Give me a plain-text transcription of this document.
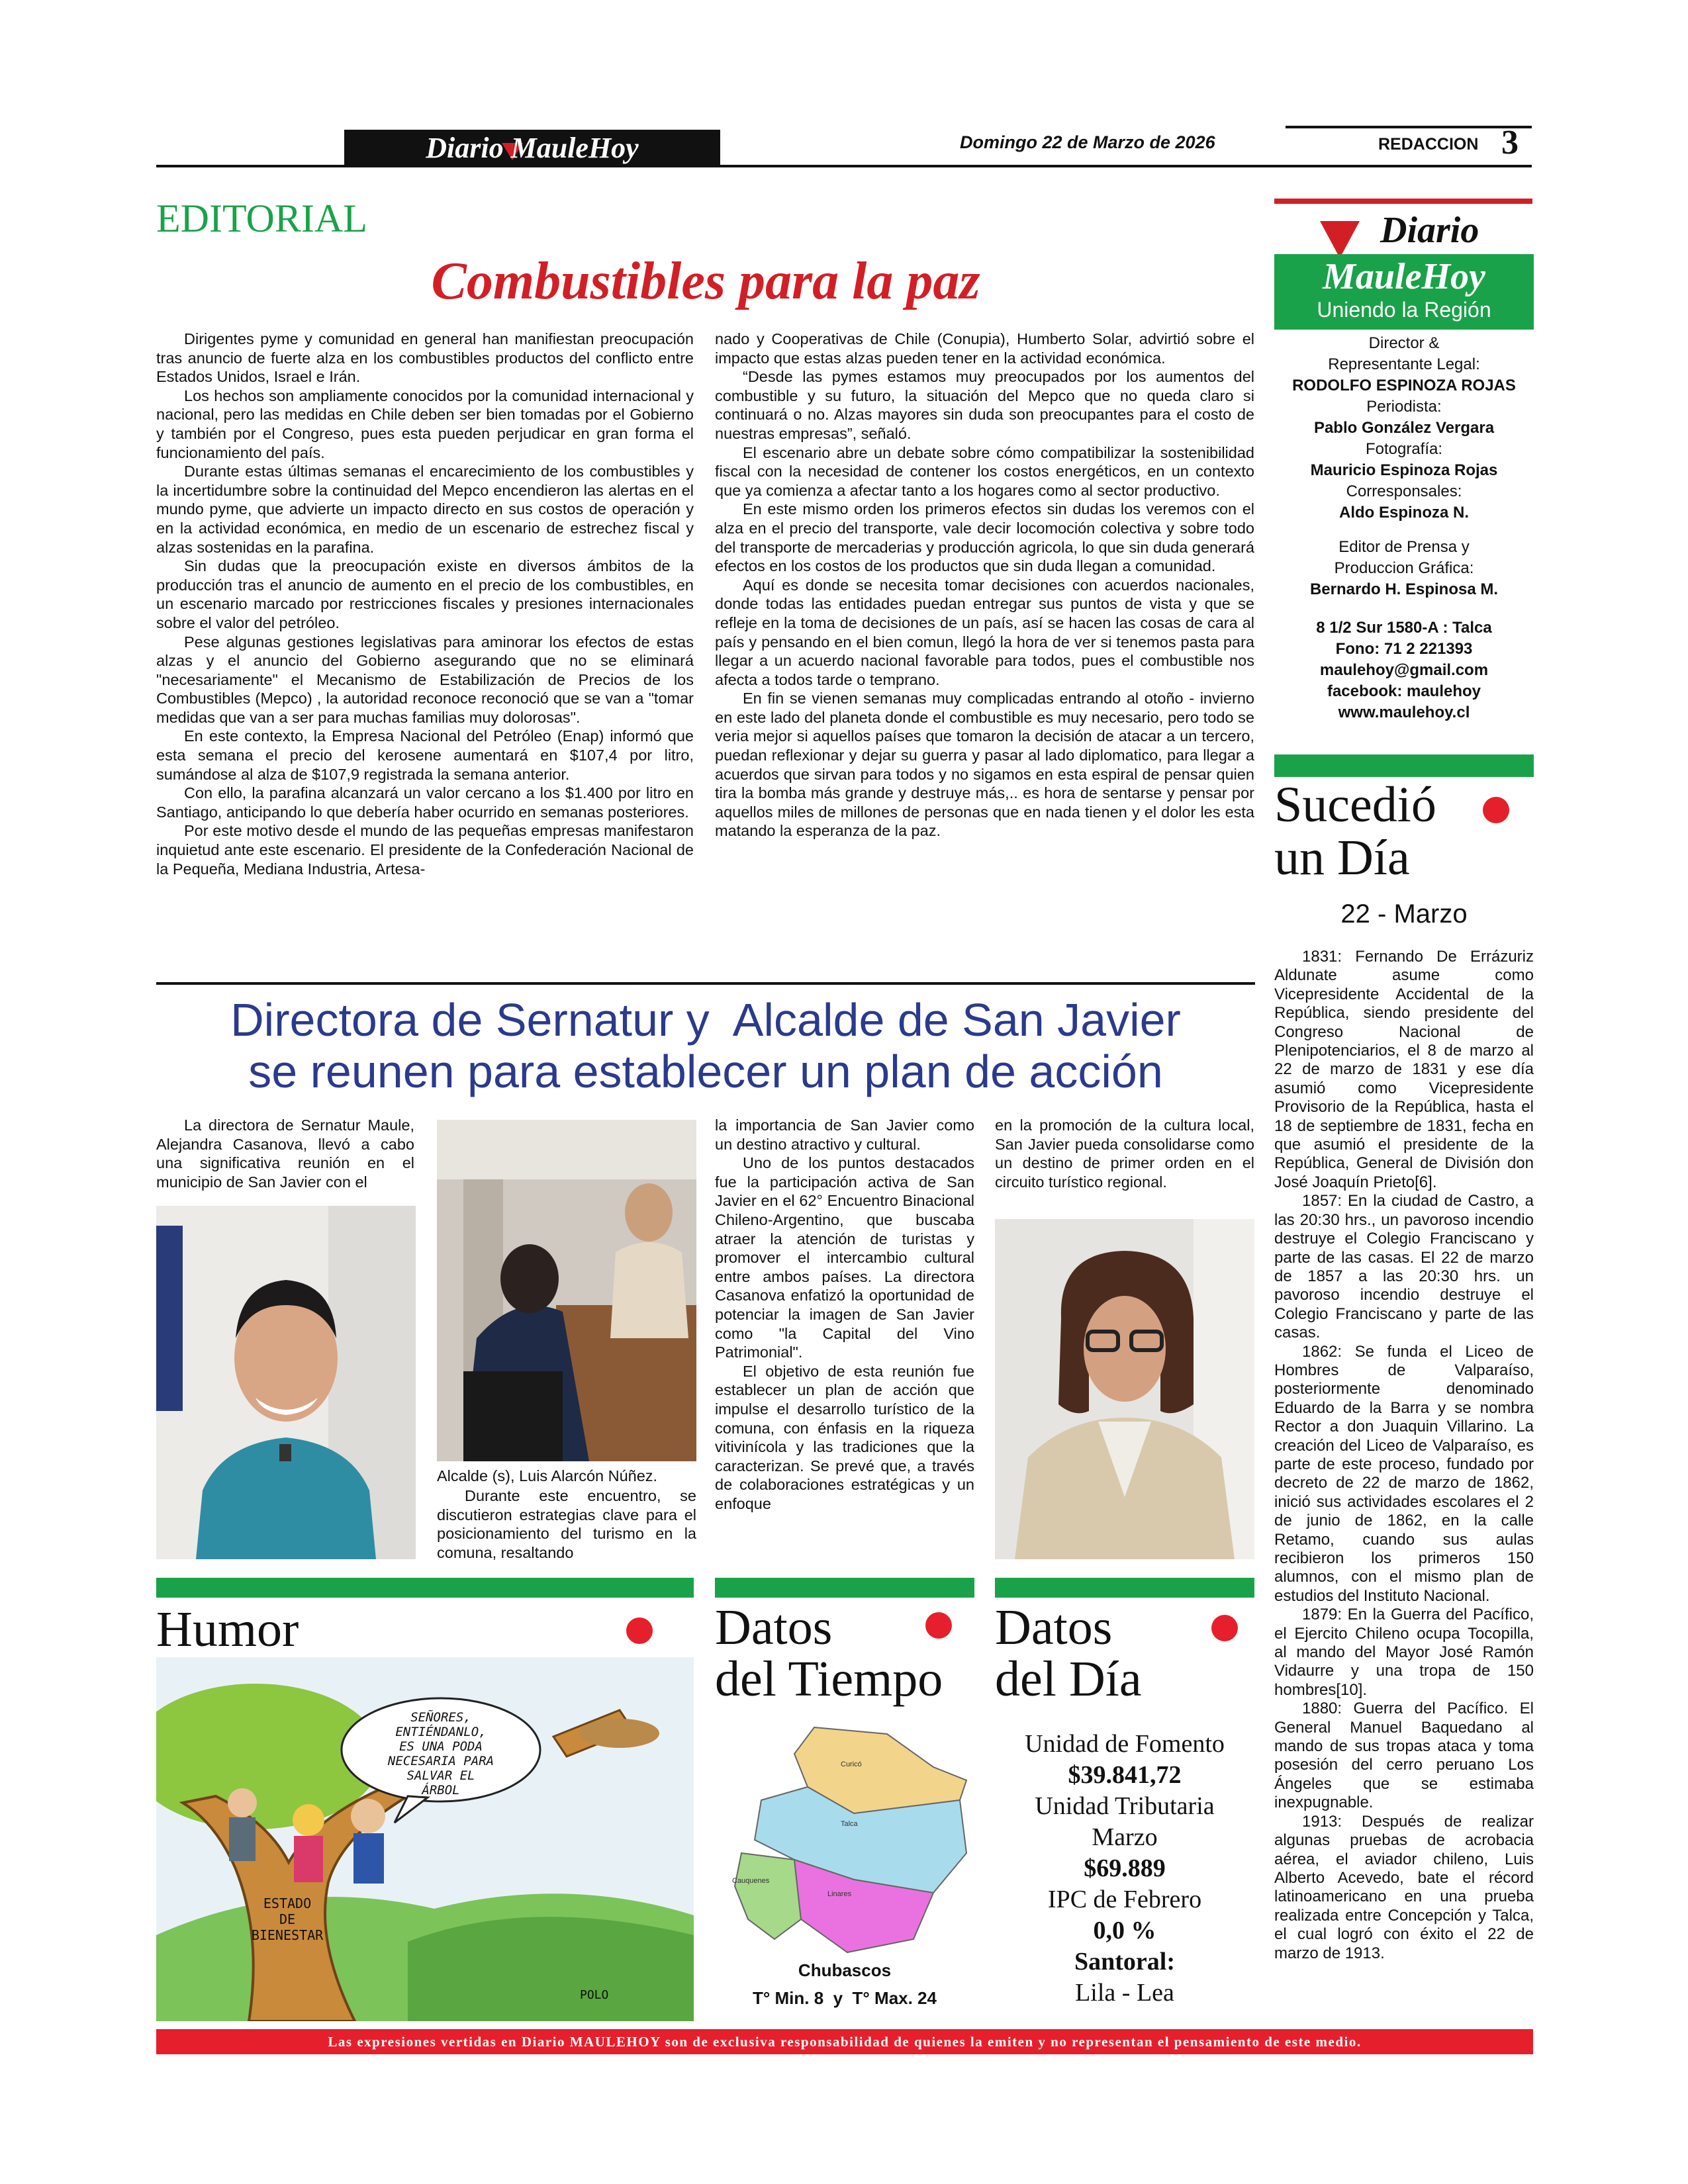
Diario MauleHoy	Domingo 22 de Marzo de 2026	REDACCION 3
EDITORIAL
Combustibles para la paz

Dirigentes pyme y comunidad en general han manifiestan preocupación tras anuncio de fuerte alza en los combustibles productos del conflicto entre Estados Unidos, Israel e Irán.

Los hechos son ampliamente conocidos por la comunidad internacional y nacional, pero las medidas en Chile deben ser bien tomadas por el Gobierno y también por el Congreso, pues esta pueden perjudicar en gran forma el funcionamiento del país.

Durante estas últimas semanas el encarecimiento de los combustibles y la incertidumbre sobre la continuidad del Mepco encendieron las alertas en el mundo pyme, que advierte un impacto directo en sus costos de operación y en la actividad económica, en medio de un escenario de estrechez fiscal y alzas sostenidas en la parafina.

Sin dudas que la preocupación existe en diversos ámbitos de la producción tras el anuncio de aumento en el precio de los combustibles, en un escenario marcado por restricciones fiscales y presiones internacionales sobre el valor del petróleo.

Pese algunas gestiones legislativas para aminorar los efectos de estas alzas y el anuncio del Gobierno asegurando que no se eliminará "necesariamente" el Mecanismo de Estabilización de Precios de los Combustibles (Mepco) , la autoridad reconoce reconoció que se van a "tomar medidas que van a ser para muchas familias muy dolorosas".

En este contexto, la Empresa Nacional del Petróleo (Enap) informó que esta semana el precio del kerosene aumentará en $107,4 por litro, sumándose al alza de $107,9 registrada la semana anterior.

Con ello, la parafina alcanzará un valor cercano a los $1.400 por litro en Santiago, anticipando lo que debería haber ocurrido en semanas posteriores.

Por este motivo desde el mundo de las pequeñas empresas manifestaron inquietud ante este escenario. El presidente de la Confederación Nacional de la Pequeña, Mediana Industria, Artesa-

nado y Cooperativas de Chile (Conupia), Humberto Solar, advirtió sobre el impacto que estas alzas pueden tener en la actividad económica.

“Desde las pymes estamos muy preocupados por los aumentos del combustible y su futuro, la situación del Mepco que no queda claro si continuará o no. Alzas mayores sin duda son preocupantes para el costo de nuestras empresas”, señaló.

El escenario abre un debate sobre cómo compatibilizar la sostenibilidad fiscal con la necesidad de contener los costos energéticos, en un contexto que ya comienza a afectar tanto a los hogares como al sector productivo.

En este mismo orden los primeros efectos sin dudas los veremos con el alza en el precio del transporte, vale decir locomoción colectiva y sobre todo del transporte de mercaderias y producción agricola, lo que sin duda generará efectos en los costos de los productos que sin duda llegan a comunidad.

Aquí es donde se necesita tomar decisiones con acuerdos nacionales, donde todas las entidades puedan entregar sus puntos de vista y que se refleje en la toma de decisiones de un país, así se hacen las cosas de cara al país y pensando en el bien comun, llegó la hora de ver si tenemos pasta para llegar a un acuerdo nacional favorable para todos, pues el combustible nos afecta a todos tarde o temprano.

En fin se vienen semanas muy complicadas entrando al otoño - invierno en este lado del planeta donde el combustible es muy necesario, pero todo se veria mejor si aquellos países que tomaron la decisión de atacar a un tercero, puedan reflexionar y dejar su guerra y pasar al lado diplomatico, para llegar a acuerdos que sirvan para todos y no sigamos en esta espiral de pensar quien tira la bomba más grande y destruye más,.. es hora de sentarse y pensar por aquellos miles de millones de personas que en nada tienen y el dolor les esta matando la esperanza de la paz.

Diario
MauleHoy
Uniendo la Región
Director &
Representante Legal:
RODOLFO ESPINOZA ROJAS
Periodista:
Pablo González Vergara
Fotografía:
Mauricio Espinoza Rojas
Corresponsales:
Aldo Espinoza N.
Editor de Prensa y
Produccion Gráfica:
Bernardo H. Espinosa M.
8 1/2 Sur 1580-A : Talca
Fono: 71 2 221393
maulehoy@gmail.com
facebook: maulehoy
www.maulehoy.cl
Sucedió
un Día
22 - Marzo

1831: Fernando De Errázuriz Aldunate asume como Vicepresidente Accidental de la República, siendo presidente del Congreso Nacional de Plenipotenciarios, el 8 de marzo al 22 de marzo de 1831 y ese día asumió como Vicepresidente Provisorio de la República, hasta el 18 de septiembre de 1831, fecha en que asumió el presidente de la República, General de División don José Joaquín Prieto[6].

1857: En la ciudad de Castro, a las 20:30 hrs., un pavoroso incendio destruye el Colegio Franciscano y parte de las casas. El 22 de marzo de 1857 a las 20:30 hrs. un pavoroso incendio destruye el Colegio Franciscano y parte de las casas.

1862: Se funda el Liceo de Hombres de Valparaíso, posteriormente denominado Eduardo de la Barra y se nombra Rector a don Juaquin Villarino. La creación del Liceo de Valparaíso, es parte de este proceso, fundado por decreto de 22 de marzo de 1862, inició sus actividades escolares el 2 de junio de 1862, en la calle Retamo, cuando sus aulas recibieron los primeros 150 alumnos, con el mismo plan de estudios del Instituto Nacional.

1879: En la Guerra del Pacífico, el Ejercito Chileno ocupa Tocopilla, al mando del Mayor José Ramón Vidaurre y una tropa de 150 hombres[10].

1880: Guerra del Pacífico. El General Manuel Baquedano al mando de sus tropas ataca y toma posesión del cerro peruano Los Ángeles que se estimaba inexpugnable.

1913: Después de realizar algunas pruebas de acrobacia aérea, el aviador chileno, Luis Alberto Acevedo, bate el récord latinoamericano en una prueba realizada entre Concepción y Talca, el cual logró con éxito el 22 de marzo de 1913.

Directora de Sernatur y  Alcalde de San Javier
se reunen para establecer un plan de acción

La directora de Sernatur Maule, Alejandra Casanova, llevó a cabo una significativa reunión en el municipio de San Javier con el

Alcalde (s), Luis Alarcón Núñez.

Durante este encuentro, se discutieron estrategias clave para el posicionamiento del turismo en la comuna, resaltando

la importancia de San Javier como un destino atractivo y cultural.

Uno de los puntos destacados fue la participación activa de San Javier en el 62° Encuentro Binacional Chileno-Argentino, que buscaba atraer la atención de turistas y promover el intercambio cultural entre ambos países. La directora Casanova enfatizó la oportunidad de potenciar la imagen de San Javier como "la Capital del Vino Patrimonial".

El objetivo de esta reunión fue establecer un plan de acción que impulse el desarrollo turístico de la comuna, con énfasis en la riqueza vitivinícola y las tradiciones que la caracterizan. Se prevé que, a través de colaboraciones estratégicas y un enfoque

en la promoción de la cultura local, San Javier pueda consolidarse como un destino de primer orden en el circuito turístico regional.

Humor
SEÑORES,
ENTIÉNDANLO,
ES UNA PODA
NECESARIA PARA
SALVAR EL
ÁRBOL
ESTADO
DE
BIENESTAR
POLO
Datos
del Tiempo
Curicó
Talca
Cauquenes
Linares
Chubascos
T° Min. 8  y  T° Max. 24
Datos
del Día
Unidad de Fomento
$39.841,72
Unidad Tributaria
Marzo
$69.889
IPC de Febrero
0,0 %
Santoral:
Lila - Lea
Las expresiones vertidas en Diario MAULEHOY son de exclusiva responsabilidad de quienes la emiten y no representan el pensamiento de este medio.
